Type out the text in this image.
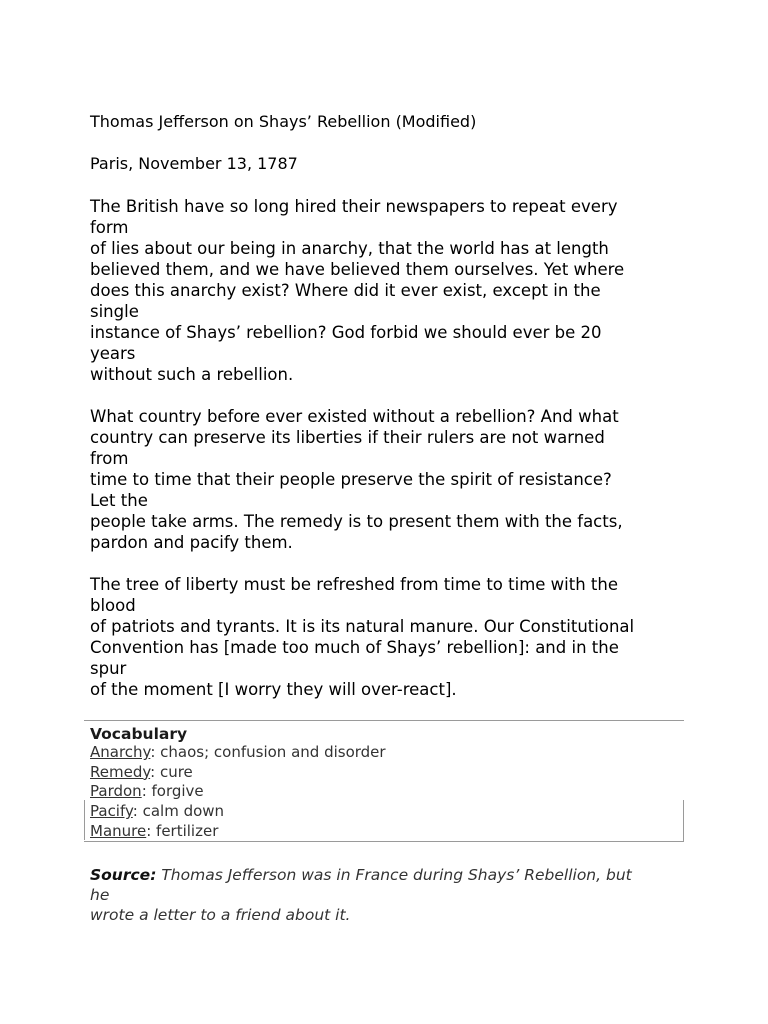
Thomas Jefferson on Shays’ Rebellion (Modified)

Paris, November 13, 1787

The British have so long hired their newspapers to repeat every
form
of lies about our being in anarchy, that the world has at length
believed them, and we have believed them ourselves. Yet where
does this anarchy exist? Where did it ever exist, except in the
single
instance of Shays’ rebellion? God forbid we should ever be 20
years
without such a rebellion.

What country before ever existed without a rebellion? And what
country can preserve its liberties if their rulers are not warned
from
time to time that their people preserve the spirit of resistance?
Let the
people take arms. The remedy is to present them with the facts,
pardon and pacify them.

The tree of liberty must be refreshed from time to time with the
blood
of patriots and tyrants. It is its natural manure. Our Constitutional
Convention has [made too much of Shays’ rebellion]: and in the
spur
of the moment [I worry they will over-react].

Vocabulary
Anarchy: chaos; confusion and disorder
Remedy: cure
Pardon: forgive
Pacify: calm down
Manure: fertilizer
Source: Thomas Jefferson was in France during Shays’ Rebellion, but
he
wrote a letter to a friend about it.
